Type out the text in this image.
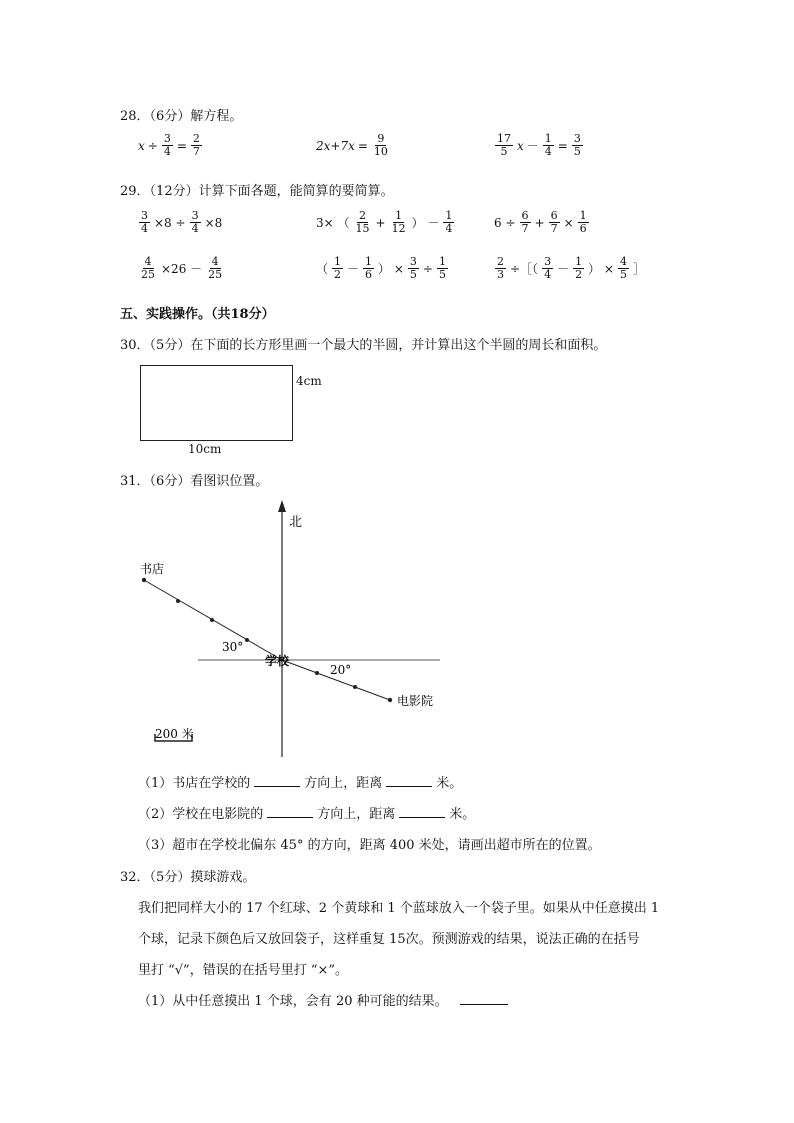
28．（6分）解方程。
$x \div \frac{3}{4} = \frac{2}{7}$	$2x+7x = \frac{9}{10}$	$\frac{17}{5}$ $x - \frac{1}{4} = \frac{3}{5}$
29．（12分）计算下面各题，能简算的要简算。
$\frac{3}{4} \times 8 \div \frac{3}{4} \times 8$	3× （ $\frac{2}{15} + \frac{1}{12}$ ） － $\frac{1}{4}$	$6 \div \frac{6}{7} + \frac{6}{7} \times \frac{1}{6}$
$\frac{4}{25} \times 26 - \frac{4}{25}$	（ $\frac{1}{2} - \frac{1}{6}$ ） × $\frac{3}{5} \div \frac{1}{5}$	$\frac{2}{3}$ ÷［（ $\frac{3}{4} - \frac{1}{2}$ ） × $\frac{4}{5}$ ］
五、实践操作。（共18分）
30．（5分）在下面的长方形里画一个最大的半圆，并计算出这个半圆的周长和面积。
4cm
10cm
31．（6分）看图识位置。
北
书店
学校
电影院
30°
20°
200 米
（1）书店在学校的	方向上，距离	米。
（2）学校在电影院的	方向上，距离	米。
（3）超市在学校北偏东 45° 的方向，距离 400 米处，请画出超市所在的位置。
32．（5分）摸球游戏。
我们把同样大小的 17 个红球、2 个黄球和 1 个蓝球放入一个袋子里。如果从中任意摸出 1
个球，记录下颜色后又放回袋子，这样重复 15次。预测游戏的结果，说法正确的在括号
里打 “√”，错误的在括号里打 “×”。
（1）从中任意摸出 1 个球，会有 20 种可能的结果。
